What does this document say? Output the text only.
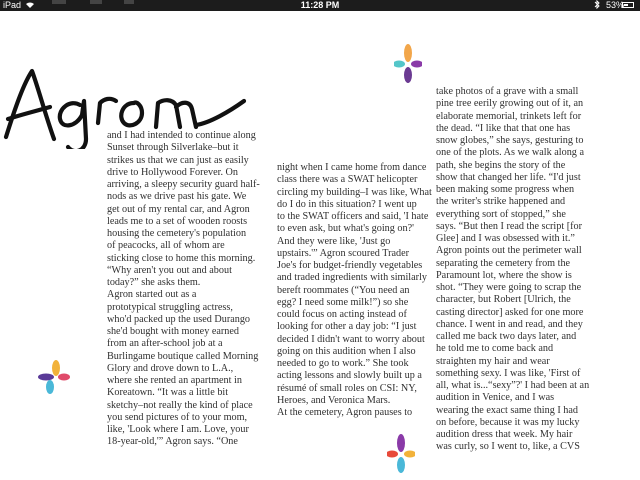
iPad	11:28 PM	53%
and I had intended to continue along
Sunset through Silverlake–but it
strikes us that we can just as easily
drive to Hollywood Forever. On
arriving, a sleepy security guard half-
nods as we drive past his gate. We
get out of my rental car, and Agron
leads me to a set of wooden roosts
housing the cemetery's population
of peacocks, all of whom are
sticking close to home this morning.
“Why aren't you out and about
today?” she asks them.
Agron started out as a
prototypical struggling actress,
who'd packed up the used Durango
she'd bought with money earned
from an after-school job at a
Burlingame boutique called Morning
Glory and drove down to L.A.,
where she rented an apartment in
Koreatown. “It was a little bit
sketchy–not really the kind of place
you send pictures of to your mom,
like, 'Look where I am. Love, your
18-year-old,'” Agron says. “One
night when I came home from dance
class there was a SWAT helicopter
circling my building–I was like, What
do I do in this situation? I went up
to the SWAT officers and said, 'I hate
to even ask, but what's going on?'
And they were like, 'Just go
upstairs.'” Agron scoured Trader
Joe's for budget-friendly vegetables
and traded ingredients with similarly
bereft roommates (“You need an
egg? I need some milk!”) so she
could focus on acting instead of
looking for other a day job: “I just
decided I didn't want to worry about
going on this audition when I also
needed to go to work.” She took
acting lessons and slowly built up a
résumé of small roles on CSI: NY,
Heroes, and Veronica Mars.
At the cemetery, Agron pauses to
take photos of a grave with a small
pine tree eerily growing out of it, an
elaborate memorial, trinkets left for
the dead. “I like that that one has
snow globes,” she says, gesturing to
one of the plots. As we walk along a
path, she begins the story of the
show that changed her life. “I'd just
been making some progress when
the writer's strike happened and
everything sort of stopped,” she
says. “But then I read the script [for
Glee] and I was obsessed with it.”
Agron points out the perimeter wall
separating the cemetery from the
Paramount lot, where the show is
shot. “They were going to scrap the
character, but Robert [Ulrich, the
casting director] asked for one more
chance. I went in and read, and they
called me back two days later, and
he told me to come back and
straighten my hair and wear
something sexy. I was like, 'First of
all, what is...“sexy”?' I had been at an
audition in Venice, and I was
wearing the exact same thing I had
on before, because it was my lucky
audition dress that week. My hair
was curly, so I went to, like, a CVS
